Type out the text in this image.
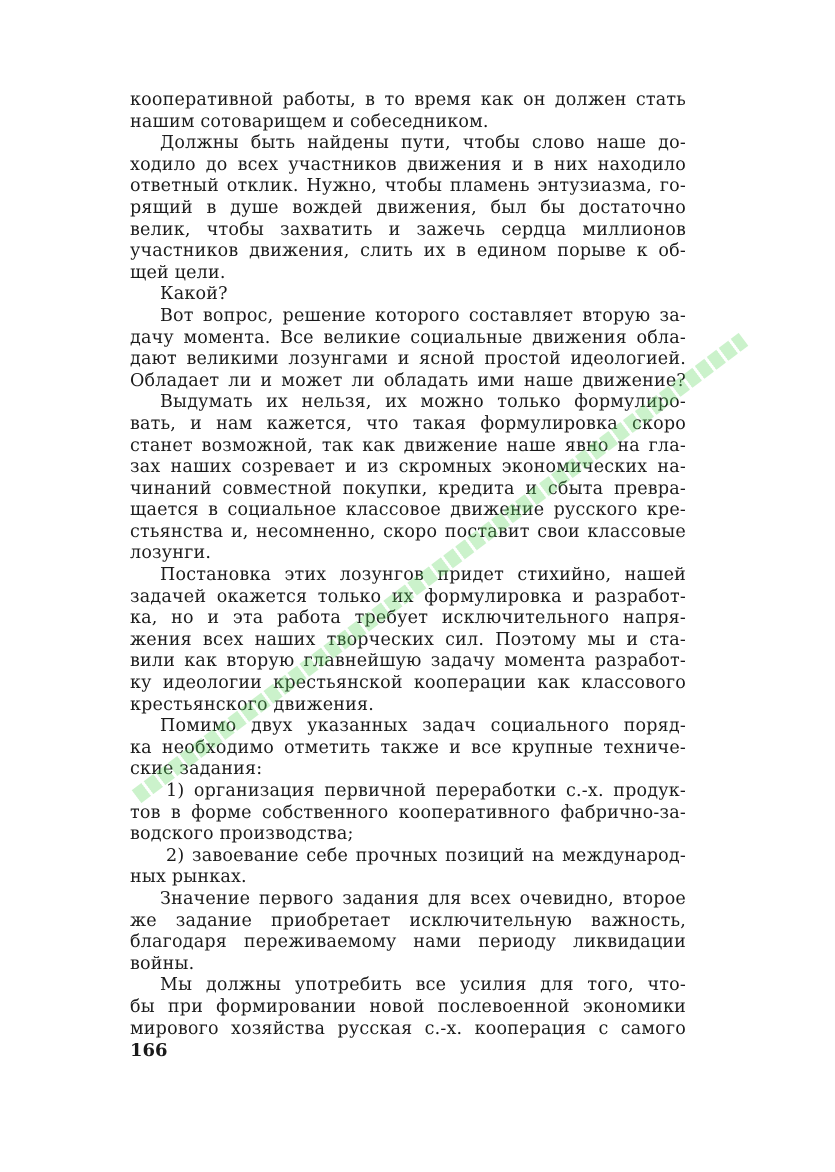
кооперативной работы, в то время как он должен стать
нашим сотоварищем и собеседником.
Должны быть найдены пути, чтобы слово наше до-
ходило до всех участников движения и в них находило
ответный отклик. Нужно, чтобы пламень энтузиазма, го-
рящий в душе вождей движения, был бы достаточно
велик, чтобы захватить и зажечь сердца миллионов
участников движения, слить их в едином порыве к об-
щей цели.
Какой?
Вот вопрос, решение которого составляет вторую за-
дачу момента. Все великие социальные движения обла-
дают великими лозунгами и ясной простой идеологией.
Обладает ли и может ли обладать ими наше движение?
Выдумать их нельзя, их можно только формулиро-
вать, и нам кажется, что такая формулировка скоро
станет возможной, так как движение наше явно на гла-
зах наших созревает и из скромных экономических на-
чинаний совместной покупки, кредита и сбыта превра-
щается в социальное классовое движение русского кре-
стьянства и, несомненно, скоро поставит свои классовые
лозунги.
Постановка этих лозунгов придет стихийно, нашей
задачей окажется только их формулировка и разработ-
ка, но и эта работа требует исключительного напря-
жения всех наших творческих сил. Поэтому мы и ста-
вили как вторую главнейшую задачу момента разработ-
ку идеологии крестьянской кооперации как классового
крестьянского движения.
Помимо двух указанных задач социального поряд-
ка необходимо отметить также и все крупные техниче-
ские задания:
1) организация первичной переработки с.-х. продук-
тов в форме собственного кооперативного фабрично-за-
водского производства;
2) завоевание себе прочных позиций на международ-
ных рынках.
Значение первого задания для всех очевидно, второе
же задание приобретает исключительную важность,
благодаря переживаемому нами периоду ликвидации
войны.
Мы должны употребить все усилия для того, что-
бы при формировании новой послевоенной экономики
мирового хозяйства русская с.-х. кооперация с самого
166
